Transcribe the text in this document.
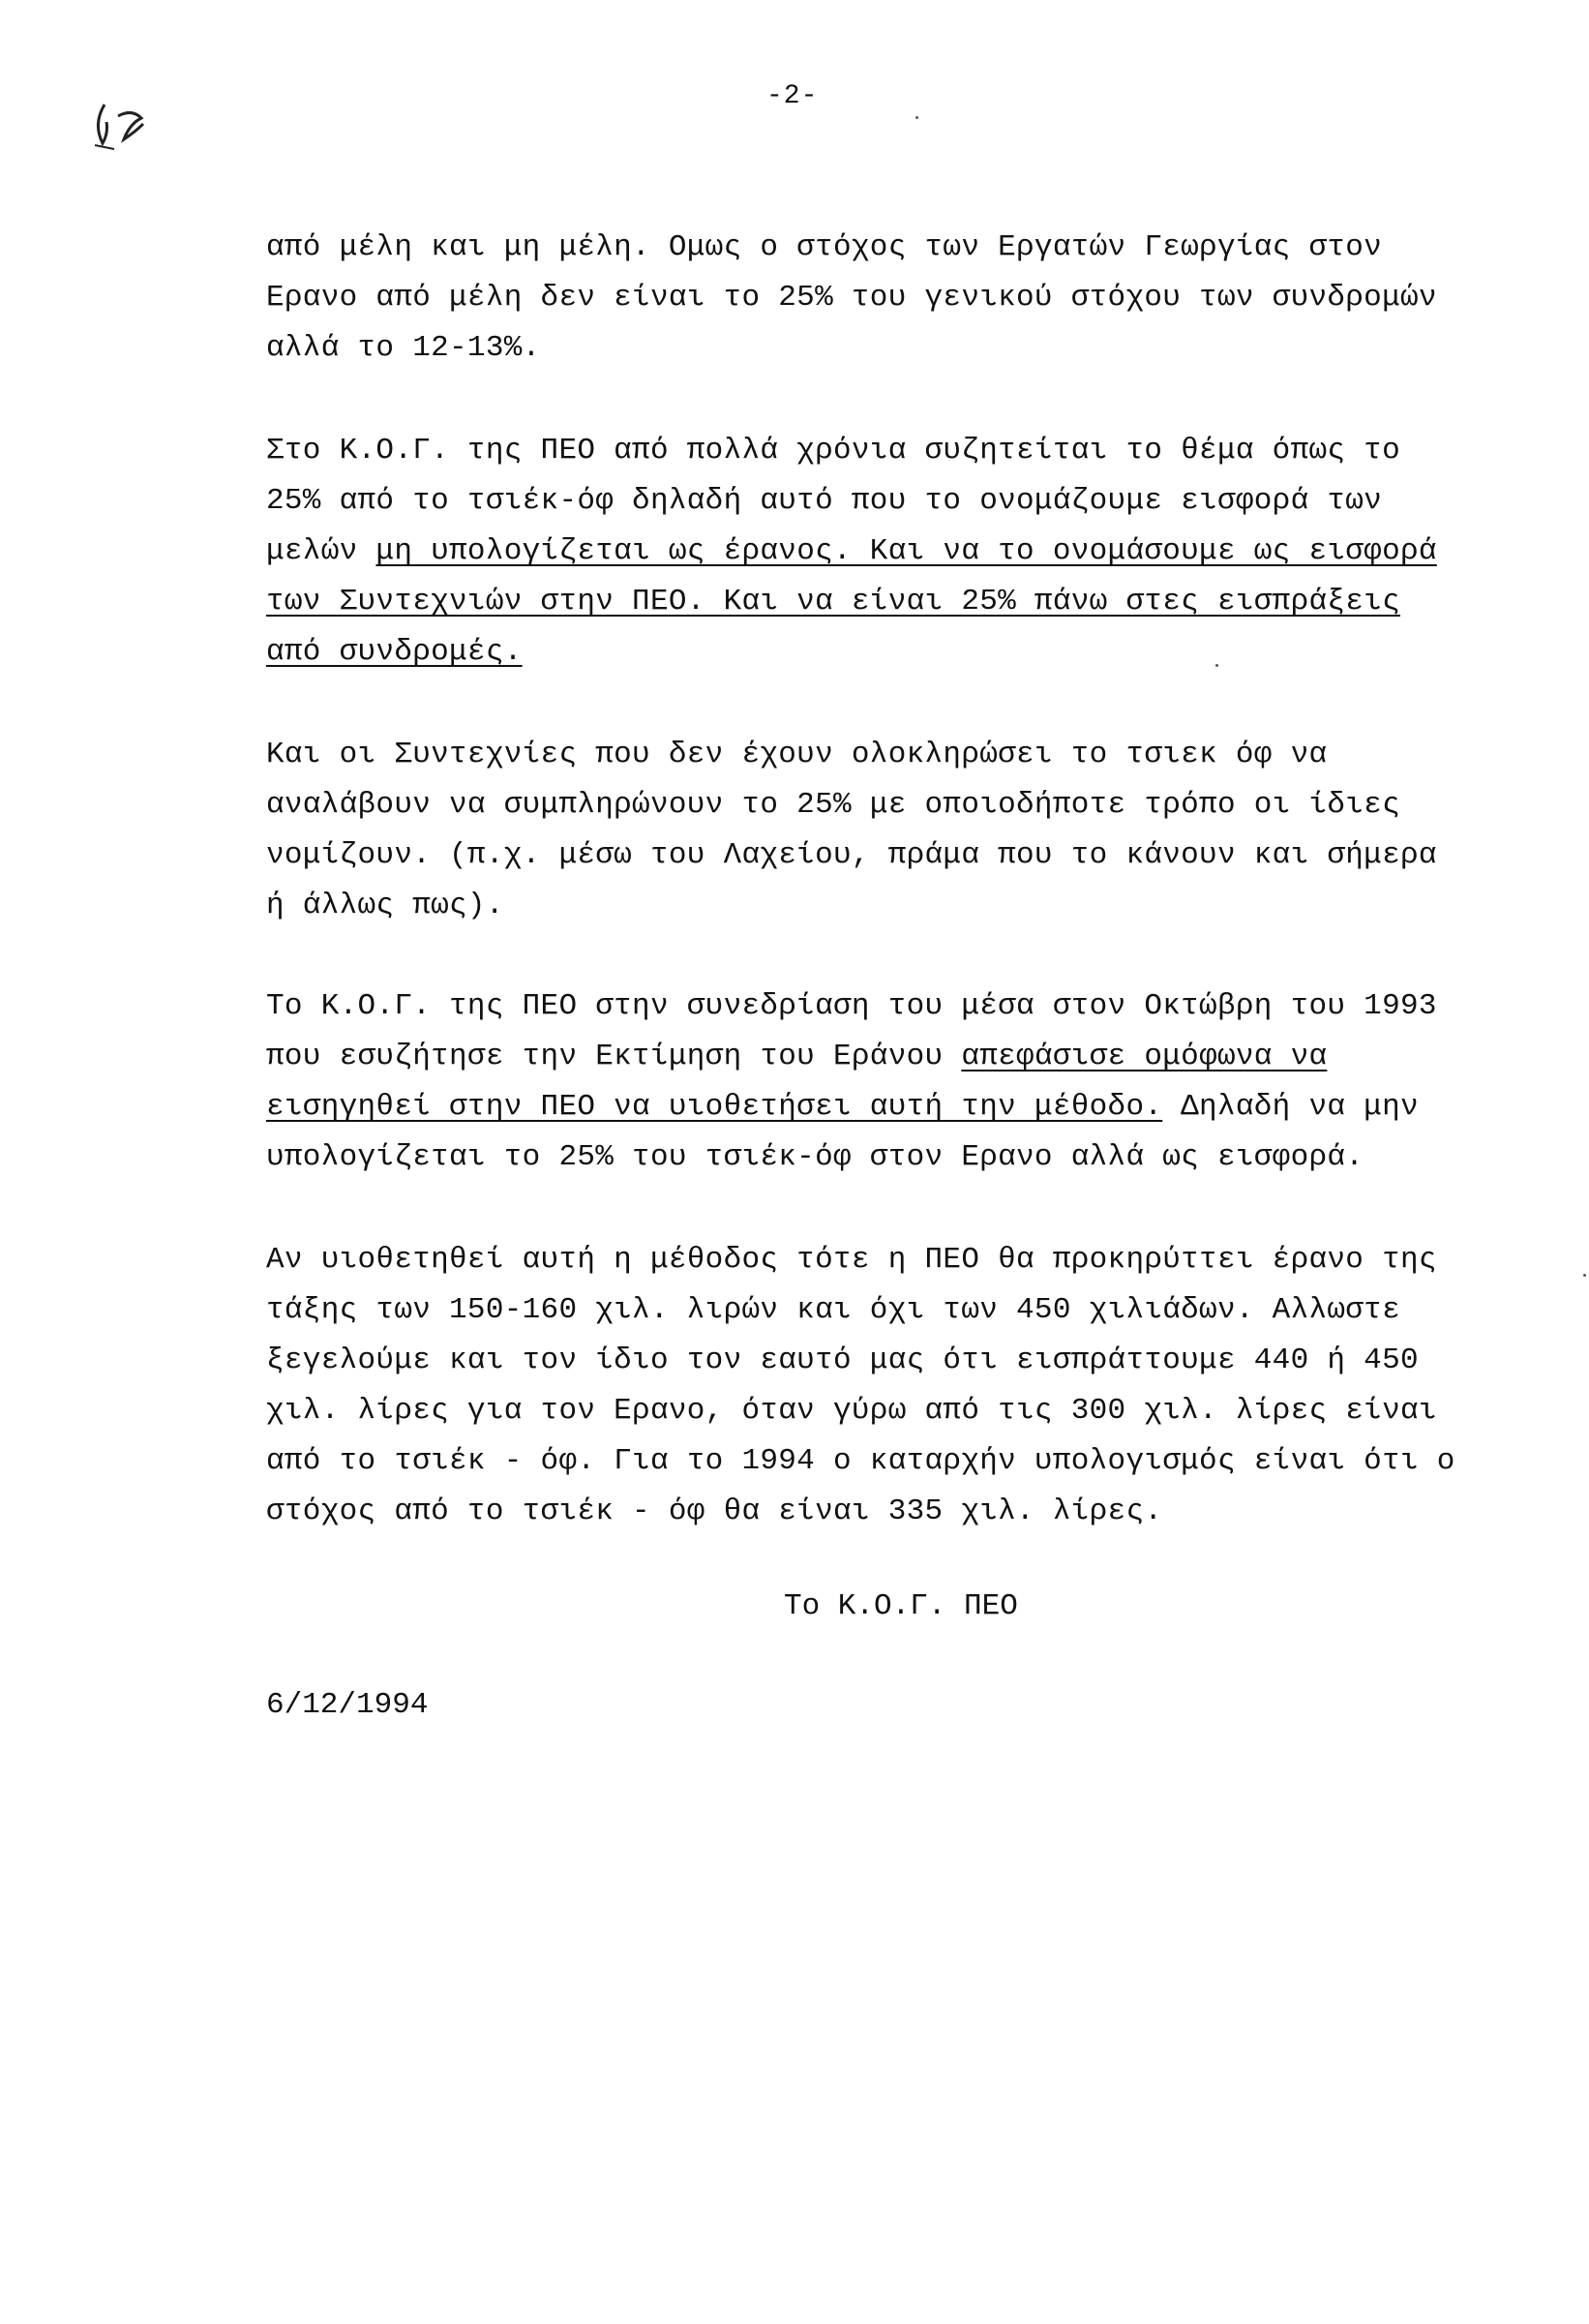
-2-
από μέλη και μη μέλη. Ομως ο στόχος των Εργατών Γεωργίας στον
Ερανο από μέλη δεν είναι το 25% του γενικού στόχου των συνδρομών
αλλά το 12-13%.
Στο Κ.Ο.Γ. της ΠΕΟ από πολλά χρόνια συζητείται το θέμα όπως το
25% από το τσιέκ-όφ δηλαδή αυτό που το ονομάζουμε εισφορά των
μελών μη υπολογίζεται ως έρανος. Και να το ονομάσουμε ως εισφορά
των Συντεχνιών στην ΠΕΟ. Και να είναι 25% πάνω στες εισπράξεις
από συνδρομές.
Και οι Συντεχνίες που δεν έχουν ολοκληρώσει το τσιεκ όφ να
αναλάβουν να συμπληρώνουν το 25% με οποιοδήποτε τρόπο οι ίδιες
νομίζουν. (π.χ. μέσω του Λαχείου, πράμα που το κάνουν και σήμερα
ή άλλως πως).
Το Κ.Ο.Γ. της ΠΕΟ στην συνεδρίαση του μέσα στον Οκτώβρη του 1993
που εσυζήτησε την Εκτίμηση του Εράνου απεφάσισε ομόφωνα να
εισηγηθεί στην ΠΕΟ να υιοθετήσει αυτή την μέθοδο. Δηλαδή να μην
υπολογίζεται το 25% του τσιέκ-όφ στον Ερανο αλλά ως εισφορά.
Αν υιοθετηθεί αυτή η μέθοδος τότε η ΠΕΟ θα προκηρύττει έρανο της
τάξης των 150-160 χιλ. λιρών και όχι των 450 χιλιάδων. Αλλωστε
ξεγελούμε και τον ίδιο τον εαυτό μας ότι εισπράττουμε 440 ή 450
χιλ. λίρες για τον Ερανο, όταν γύρω από τις 300 χιλ. λίρες είναι
από το τσιέκ - όφ. Για το 1994 ο καταρχήν υπολογισμός είναι ότι ο
στόχος από το τσιέκ - όφ θα είναι 335 χιλ. λίρες.
Το Κ.Ο.Γ. ΠΕΟ
6/12/1994
